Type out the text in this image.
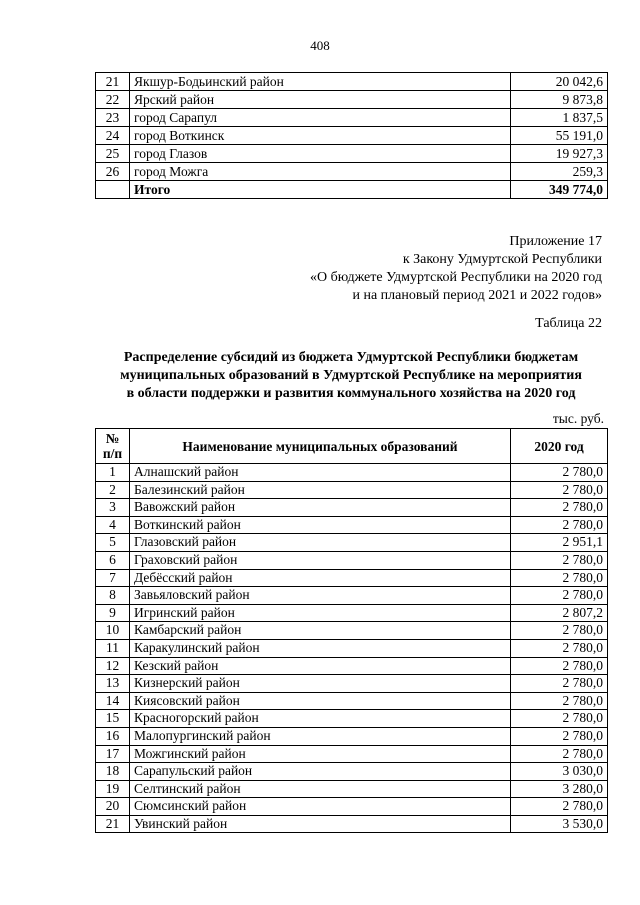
408
21	Якшур-Бодьинский район	20 042,6
22	Ярский район	9 873,8
23	город Сарапул	1 837,5
24	город Воткинск	55 191,0
25	город Глазов	19 927,3
26	город Можга	259,3
	Итого	349 774,0
Приложение 17
к Закону Удмуртской Республики
«О бюджете Удмуртской Республики на 2020 год
и на плановый период 2021 и 2022 годов»
Таблица 22
Распределение субсидий из бюджета Удмуртской Республики бюджетам
муниципальных образований в Удмуртской Республике на мероприятия
в области поддержки и развития коммунального хозяйства на 2020 год
тыс. руб.
№
п/п	Наименование муниципальных образований	2020 год
1	Алнашский район	2 780,0
2	Балезинский район	2 780,0
3	Вавожский район	2 780,0
4	Воткинский район	2 780,0
5	Глазовский район	2 951,1
6	Граховский район	2 780,0
7	Дебёсский район	2 780,0
8	Завьяловский район	2 780,0
9	Игринский район	2 807,2
10	Камбарский район	2 780,0
11	Каракулинский район	2 780,0
12	Кезский район	2 780,0
13	Кизнерский район	2 780,0
14	Киясовский район	2 780,0
15	Красногорский район	2 780,0
16	Малопургинский район	2 780,0
17	Можгинский район	2 780,0
18	Сарапульский район	3 030,0
19	Селтинский район	3 280,0
20	Сюмсинский район	2 780,0
21	Увинский район	3 530,0
